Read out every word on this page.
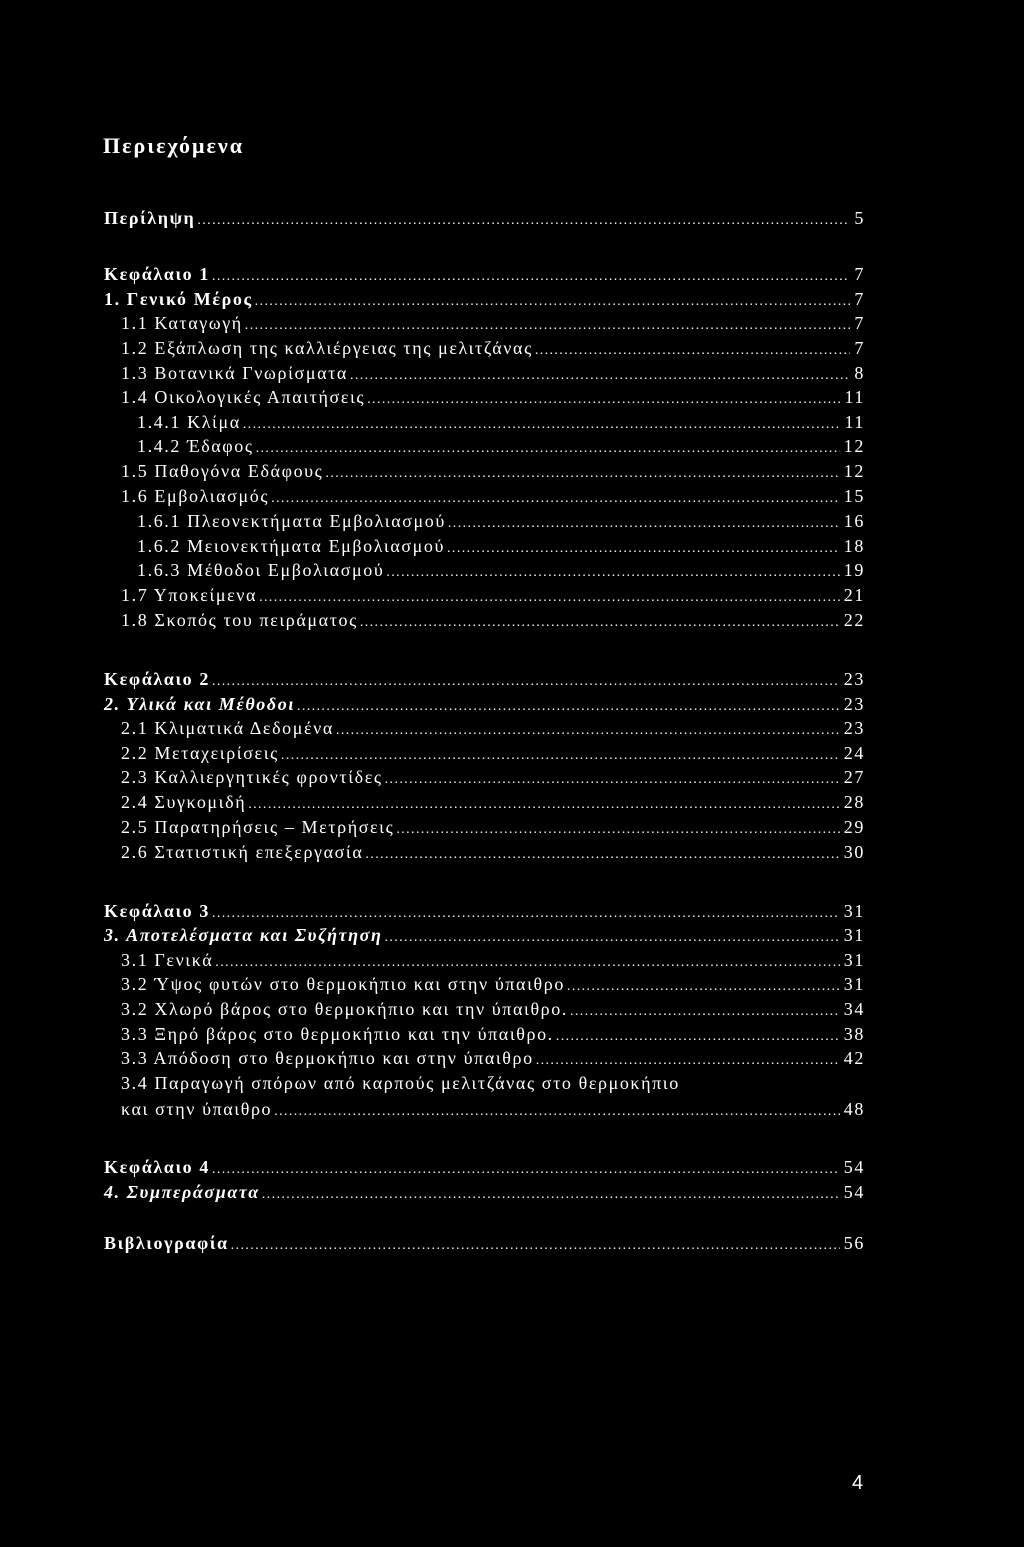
Περιεχόμενα
Περίληψη .....	5
Κεφάλαιο 1 .....	7
1. Γενικό Μέρος .....	7
1.1 Καταγωγή .....	7
1.2 Εξάπλωση της καλλιέργειας της μελιτζάνας .....	7
1.3 Βοτανικά Γνωρίσματα .....	8
1.4 Οικολογικές Απαιτήσεις .....	11
1.4.1 Κλίμα .....	11
1.4.2 Έδαφος .....	12
1.5 Παθογόνα Εδάφους .....	12
1.6 Εμβολιασμός .....	15
1.6.1 Πλεονεκτήματα Εμβολιασμού .....	16
1.6.2 Μειονεκτήματα Εμβολιασμού .....	18
1.6.3 Μέθοδοι Εμβολιασμού .....	19
1.7 Υποκείμενα .....	21
1.8 Σκοπός του πειράματος .....	22
Κεφάλαιο 2 .....	23
2. Υλικά και Μέθοδοι .....	23
2.1 Κλιματικά Δεδομένα .....	23
2.2 Μεταχειρίσεις .....	24
2.3 Καλλιεργητικές φροντίδες .....	27
2.4 Συγκομιδή .....	28
2.5 Παρατηρήσεις – Μετρήσεις .....	29
2.6 Στατιστική επεξεργασία .....	30
Κεφάλαιο 3 .....	31
3. Αποτελέσματα και Συζήτηση .....	31
3.1 Γενικά .....	31
3.2 Ύψος φυτών στο θερμοκήπιο και στην ύπαιθρο .....	31
3.2 Χλωρό βάρος στο θερμοκήπιο και την ύπαιθρο. .....	34
3.3 Ξηρό βάρος στο θερμοκήπιο και την ύπαιθρο. .....	38
3.3 Απόδοση στο θερμοκήπιο και στην ύπαιθρο .....	42
3.4 Παραγωγή σπόρων από καρπούς μελιτζάνας στο θερμοκήπιο
και στην ύπαιθρο .....	48
Κεφάλαιο 4 .....	54
4. Συμπεράσματα .....	54
Βιβλιογραφία .....	56
4
